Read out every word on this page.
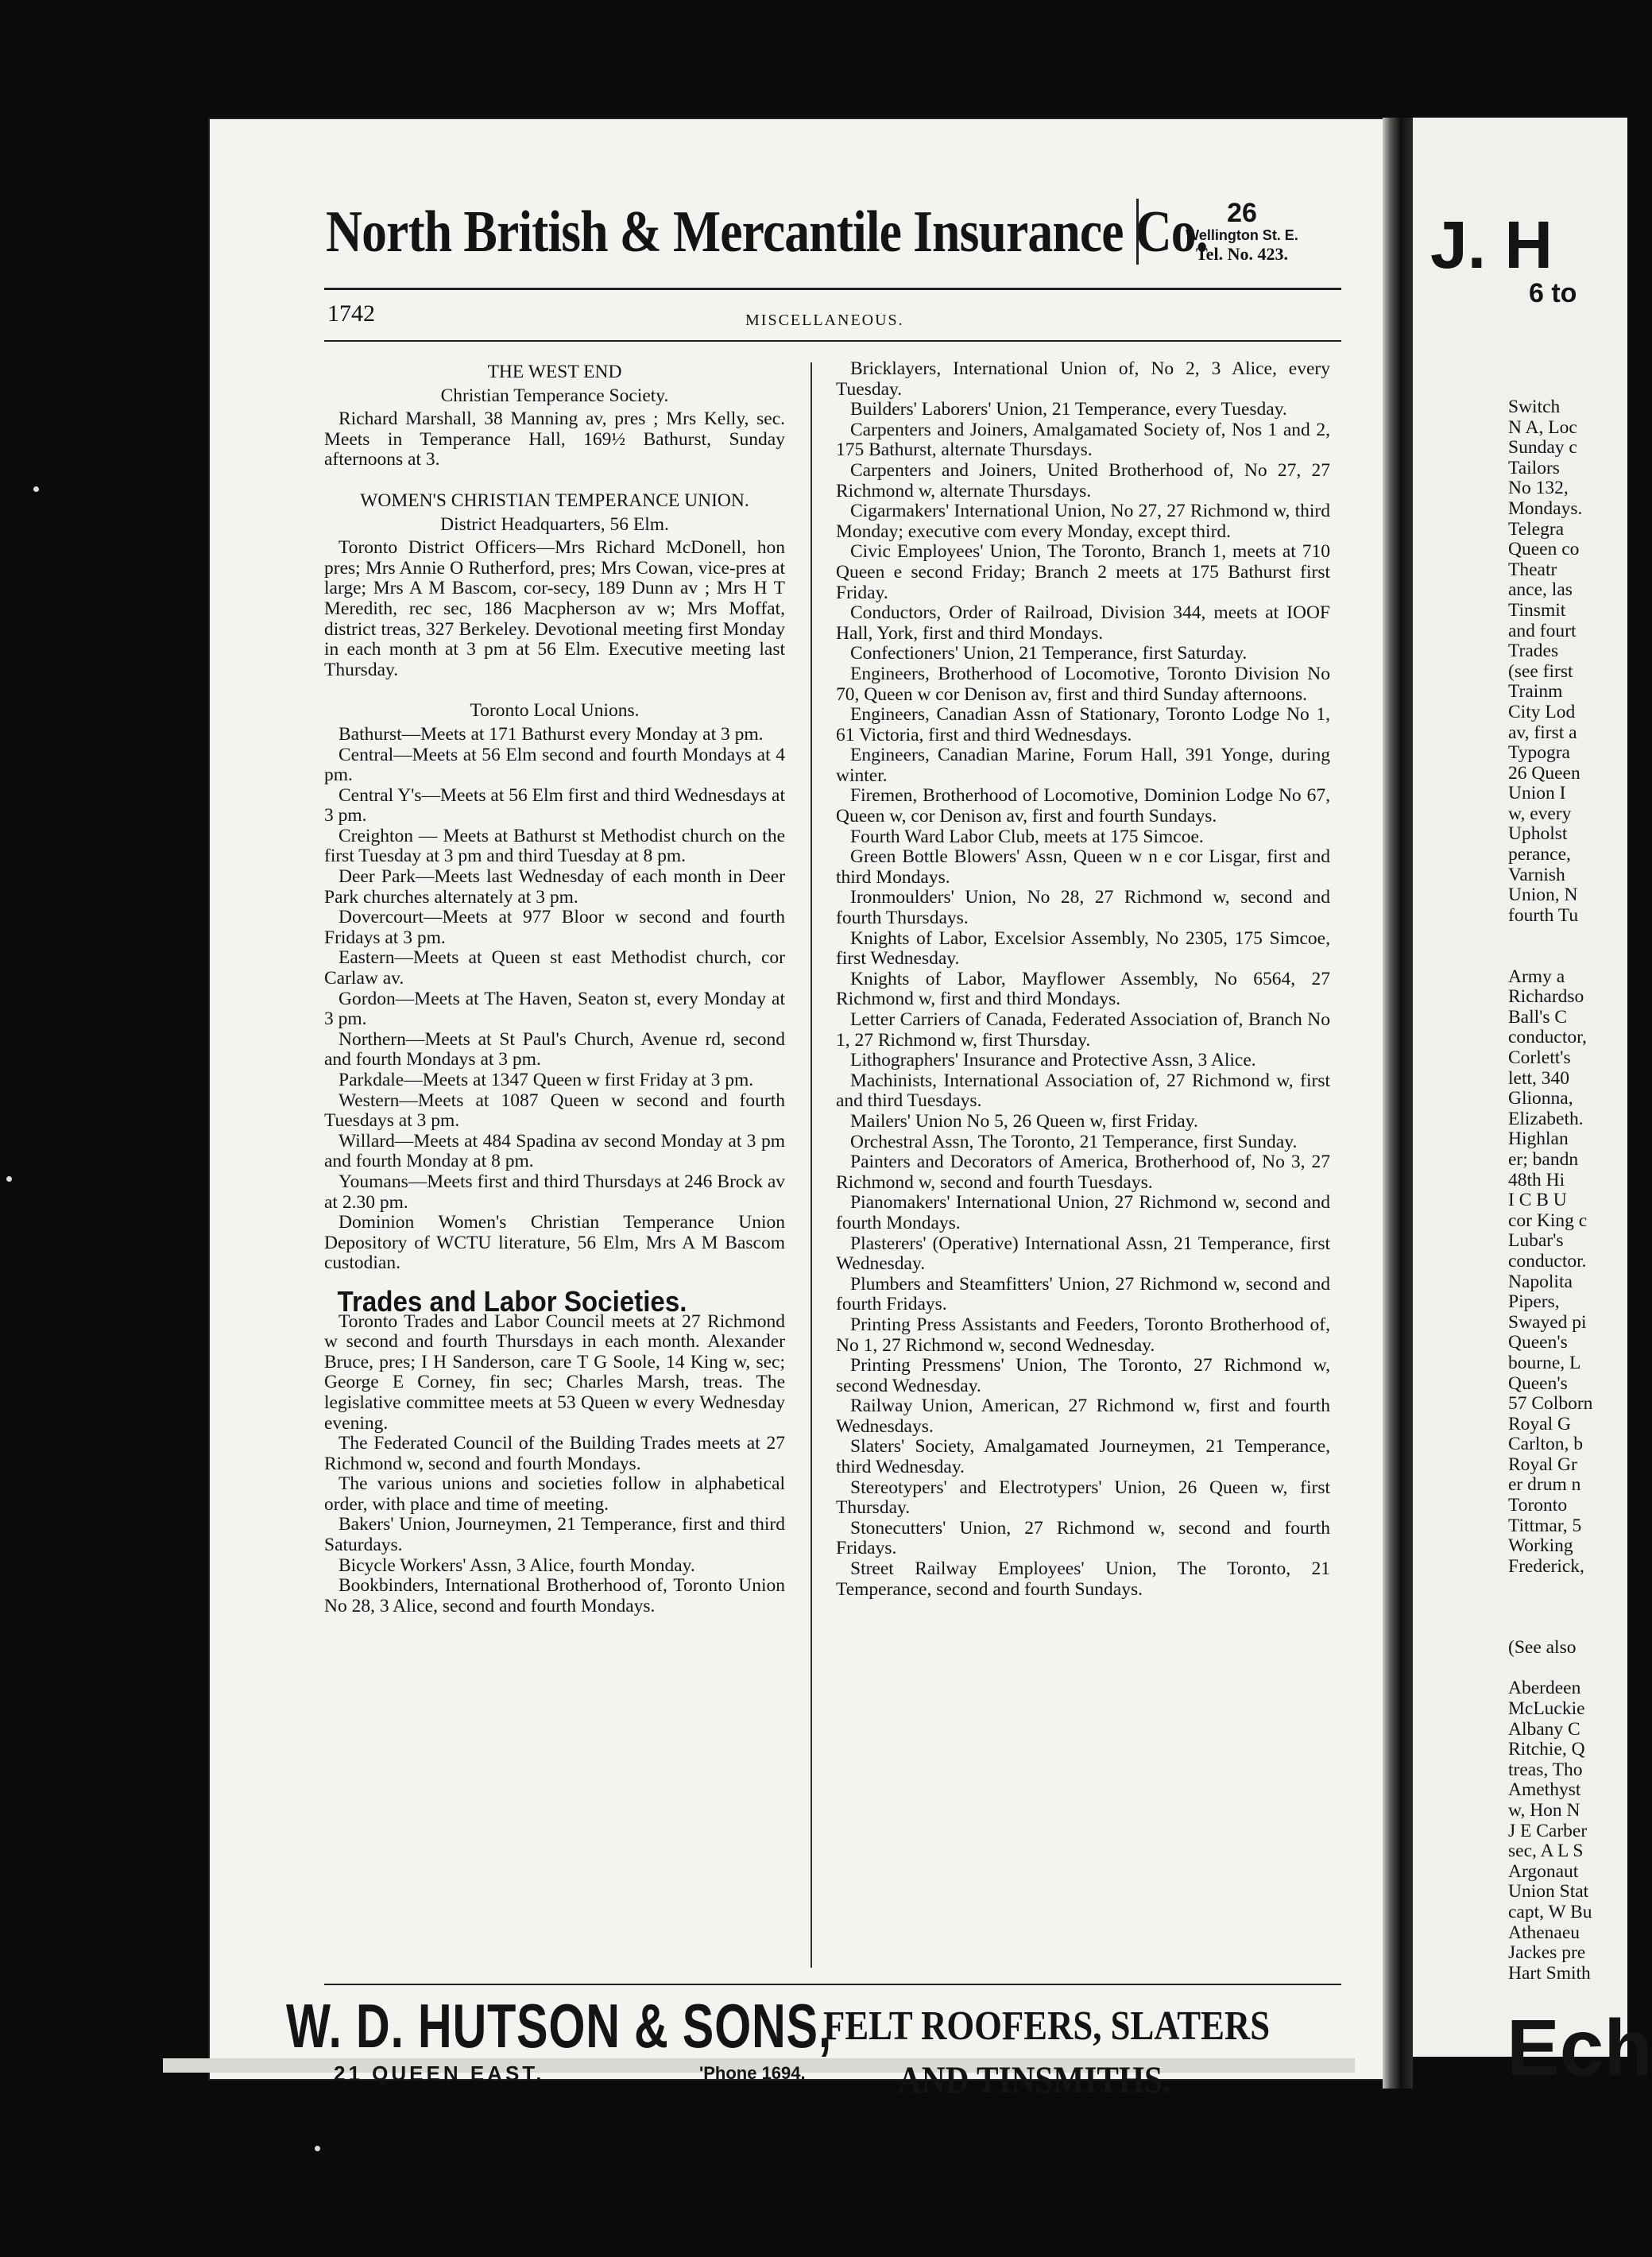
North British & Mercantile Insurance Co. 26
Wellington St. E.
Tel. No. 423.
1742	MISCELLANEOUS.

THE WEST END

Christian Temperance Society.

Richard Marshall, 38 Manning av, pres ; Mrs Kelly, sec. Meets in Temperance Hall, 169½ Bathurst, Sunday afternoons at 3.

WOMEN'S CHRISTIAN TEMPERANCE UNION.

District Headquarters, 56 Elm.

Toronto District Officers—Mrs Richard McDonell, hon pres; Mrs Annie O Rutherford, pres; Mrs Cowan, vice-pres at large; Mrs A M Bascom, cor-secy, 189 Dunn av ; Mrs H T Meredith, rec sec, 186 Macpherson av w; Mrs Moffat, district treas, 327 Berkeley. Devotional meeting first Monday in each month at 3 pm at 56 Elm. Executive meeting last Thursday.

Toronto Local Unions.

Bathurst—Meets at 171 Bathurst every Monday at 3 pm.

Central—Meets at 56 Elm second and fourth Mondays at 4 pm.

Central Y's—Meets at 56 Elm first and third Wednesdays at 3 pm.

Creighton — Meets at Bathurst st Methodist church on the first Tuesday at 3 pm and third Tuesday at 8 pm.

Deer Park—Meets last Wednesday of each month in Deer Park churches alternately at 3 pm.

Dovercourt—Meets at 977 Bloor w second and fourth Fridays at 3 pm.

Eastern—Meets at Queen st east Methodist church, cor Carlaw av.

Gordon—Meets at The Haven, Seaton st, every Monday at 3 pm.

Northern—Meets at St Paul's Church, Avenue rd, second and fourth Mondays at 3 pm.

Parkdale—Meets at 1347 Queen w first Friday at 3 pm.

Western—Meets at 1087 Queen w second and fourth Tuesdays at 3 pm.

Willard—Meets at 484 Spadina av second Monday at 3 pm and fourth Monday at 8 pm.

Youmans—Meets first and third Thursdays at 246 Brock av at 2.30 pm.

Dominion Women's Christian Temperance Union Depository of WCTU literature, 56 Elm, Mrs A M Bascom custodian.

Trades and Labor Societies.

Toronto Trades and Labor Council meets at 27 Richmond w second and fourth Thursdays in each month. Alexander Bruce, pres; I H Sanderson, care T G Soole, 14 King w, sec; George E Corney, fin sec; Charles Marsh, treas. The legislative committee meets at 53 Queen w every Wednesday evening.

The Federated Council of the Building Trades meets at 27 Richmond w, second and fourth Mondays.

The various unions and societies follow in alphabetical order, with place and time of meeting.

Bakers' Union, Journeymen, 21 Temperance, first and third Saturdays.

Bicycle Workers' Assn, 3 Alice, fourth Monday.

Bookbinders, International Brotherhood of, Toronto Union No 28, 3 Alice, second and fourth Mondays.

Bricklayers, International Union of, No 2, 3 Alice, every Tuesday.

Builders' Laborers' Union, 21 Temperance, every Tuesday.

Carpenters and Joiners, Amalgamated Society of, Nos 1 and 2, 175 Bathurst, alternate Thursdays.

Carpenters and Joiners, United Brotherhood of, No 27, 27 Richmond w, alternate Thursdays.

Cigarmakers' International Union, No 27, 27 Richmond w, third Monday; executive com every Monday, except third.

Civic Employees' Union, The Toronto, Branch 1, meets at 710 Queen e second Friday; Branch 2 meets at 175 Bathurst first Friday.

Conductors, Order of Railroad, Division 344, meets at IOOF Hall, York, first and third Mondays.

Confectioners' Union, 21 Temperance, first Saturday.

Engineers, Brotherhood of Locomotive, Toronto Division No 70, Queen w cor Denison av, first and third Sunday afternoons.

Engineers, Canadian Assn of Stationary, Toronto Lodge No 1, 61 Victoria, first and third Wednesdays.

Engineers, Canadian Marine, Forum Hall, 391 Yonge, during winter.

Firemen, Brotherhood of Locomotive, Dominion Lodge No 67, Queen w, cor Denison av, first and fourth Sundays.

Fourth Ward Labor Club, meets at 175 Simcoe.

Green Bottle Blowers' Assn, Queen w n e cor Lisgar, first and third Mondays.

Ironmoulders' Union, No 28, 27 Richmond w, second and fourth Thursdays.

Knights of Labor, Excelsior Assembly, No 2305, 175 Simcoe, first Wednesday.

Knights of Labor, Mayflower Assembly, No 6564, 27 Richmond w, first and third Mondays.

Letter Carriers of Canada, Federated Association of, Branch No 1, 27 Richmond w, first Thursday.

Lithographers' Insurance and Protective Assn, 3 Alice.

Machinists, International Association of, 27 Richmond w, first and third Tuesdays.

Mailers' Union No 5, 26 Queen w, first Friday.

Orchestral Assn, The Toronto, 21 Temperance, first Sunday.

Painters and Decorators of America, Brotherhood of, No 3, 27 Richmond w, second and fourth Tuesdays.

Pianomakers' International Union, 27 Richmond w, second and fourth Mondays.

Plasterers' (Operative) International Assn, 21 Temperance, first Wednesday.

Plumbers and Steamfitters' Union, 27 Richmond w, second and fourth Fridays.

Printing Press Assistants and Feeders, Toronto Brotherhood of, No 1, 27 Richmond w, second Wednesday.

Printing Pressmens' Union, The Toronto, 27 Richmond w, second Wednesday.

Railway Union, American, 27 Richmond w, first and fourth Wednesdays.

Slaters' Society, Amalgamated Journeymen, 21 Temperance, third Wednesday.

Stereotypers' and Electrotypers' Union, 26 Queen w, first Thursday.

Stonecutters' Union, 27 Richmond w, second and fourth Fridays.

Street Railway Employees' Union, The Toronto, 21 Temperance, second and fourth Sundays.

W. D. HUTSON & SONS,
21 QUEEN EAST.	'Phone 1694.
FELT ROOFERS, SLATERS
AND TINSMITHS.
J. H
6 to
Switch
N A, Loc
Sunday c
Tailors
No 132,
Mondays.
Telegra
Queen co
Theatr
ance, las
Tinsmit
and fourt
Trades
(see first
Trainm
City Lod
av, first a
Typogra
26 Queen
Union I
w, every
Upholst
perance,
Varnish
Union, N
fourth Tu
Army a
Richardso
Ball's C
conductor,
Corlett's
lett, 340
Glionna,
Elizabeth.
Highlan
er; bandn
48th Hi
I C B U
cor King c
Lubar's
conductor.
Napolita
Pipers,
Swayed pi
Queen's
bourne, L
Queen's
57 Colborn
Royal G
Carlton, b
Royal Gr
er drum n
Toronto
Tittmar, 5
Working
Frederick,
(See also
Aberdeen
McLuckie
Albany C
Ritchie, Q
treas, Tho
Amethyst
w, Hon N
J E Carber
sec, A L S
Argonaut
Union Stat
capt, W Bu
Athenaeu
Jackes pre
Hart Smith
Ech
